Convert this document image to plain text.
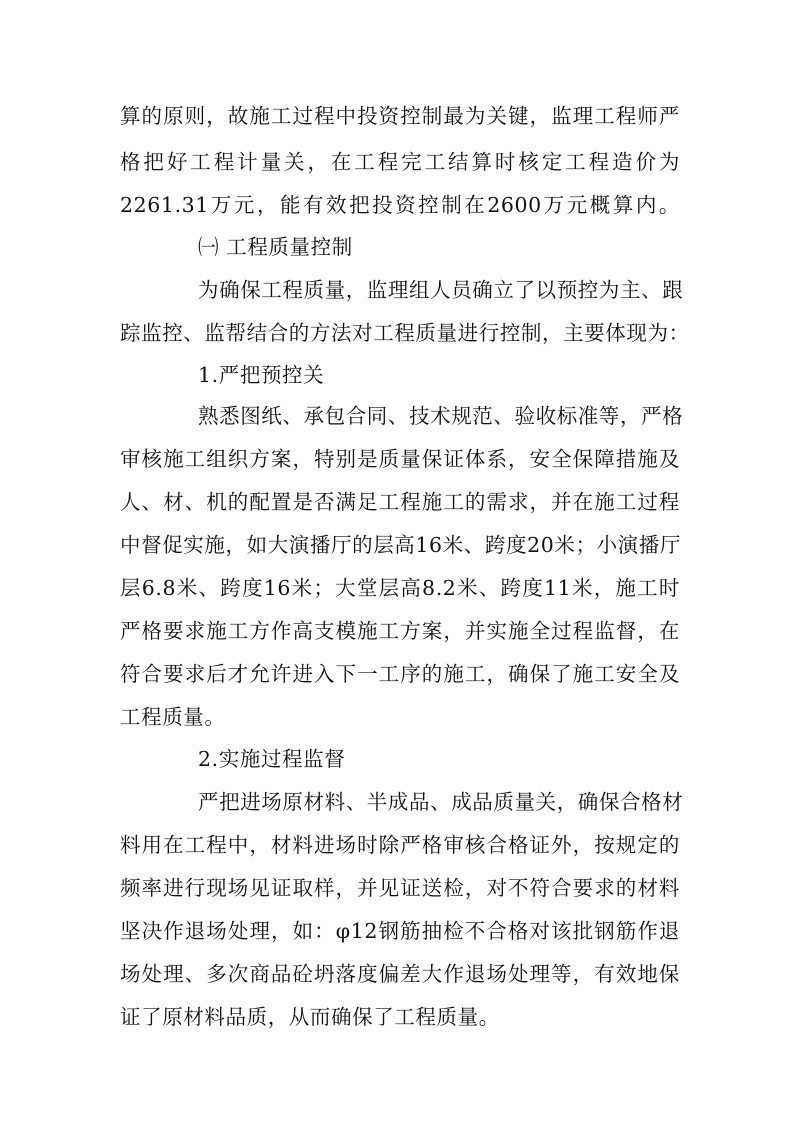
算的原则，故施工过程中投资控制最为关键，监理工程师严

格把好工程计量关，在工程完工结算时核定工程造价为

2261.31万元，能有效把投资控制在2600万元概算内。

㈠ 工程质量控制

为确保工程质量，监理组人员确立了以预控为主、跟

踪监控、监帮结合的方法对工程质量进行控制，主要体现为：

1.严把预控关

熟悉图纸、承包合同、技术规范、验收标准等，严格

审核施工组织方案，特别是质量保证体系，安全保障措施及

人、材、机的配置是否满足工程施工的需求，并在施工过程

中督促实施，如大演播厅的层高16米、跨度20米；小演播厅

层6.8米、跨度16米；大堂层高8.2米、跨度11米，施工时

严格要求施工方作高支模施工方案，并实施全过程监督，在

符合要求后才允许进入下一工序的施工，确保了施工安全及

工程质量。

2.实施过程监督

严把进场原材料、半成品、成品质量关，确保合格材

料用在工程中，材料进场时除严格审核合格证外，按规定的

频率进行现场见证取样，并见证送检，对不符合要求的材料

坚决作退场处理，如：φ12钢筋抽检不合格对该批钢筋作退

场处理、多次商品砼坍落度偏差大作退场处理等，有效地保

证了原材料品质，从而确保了工程质量。
